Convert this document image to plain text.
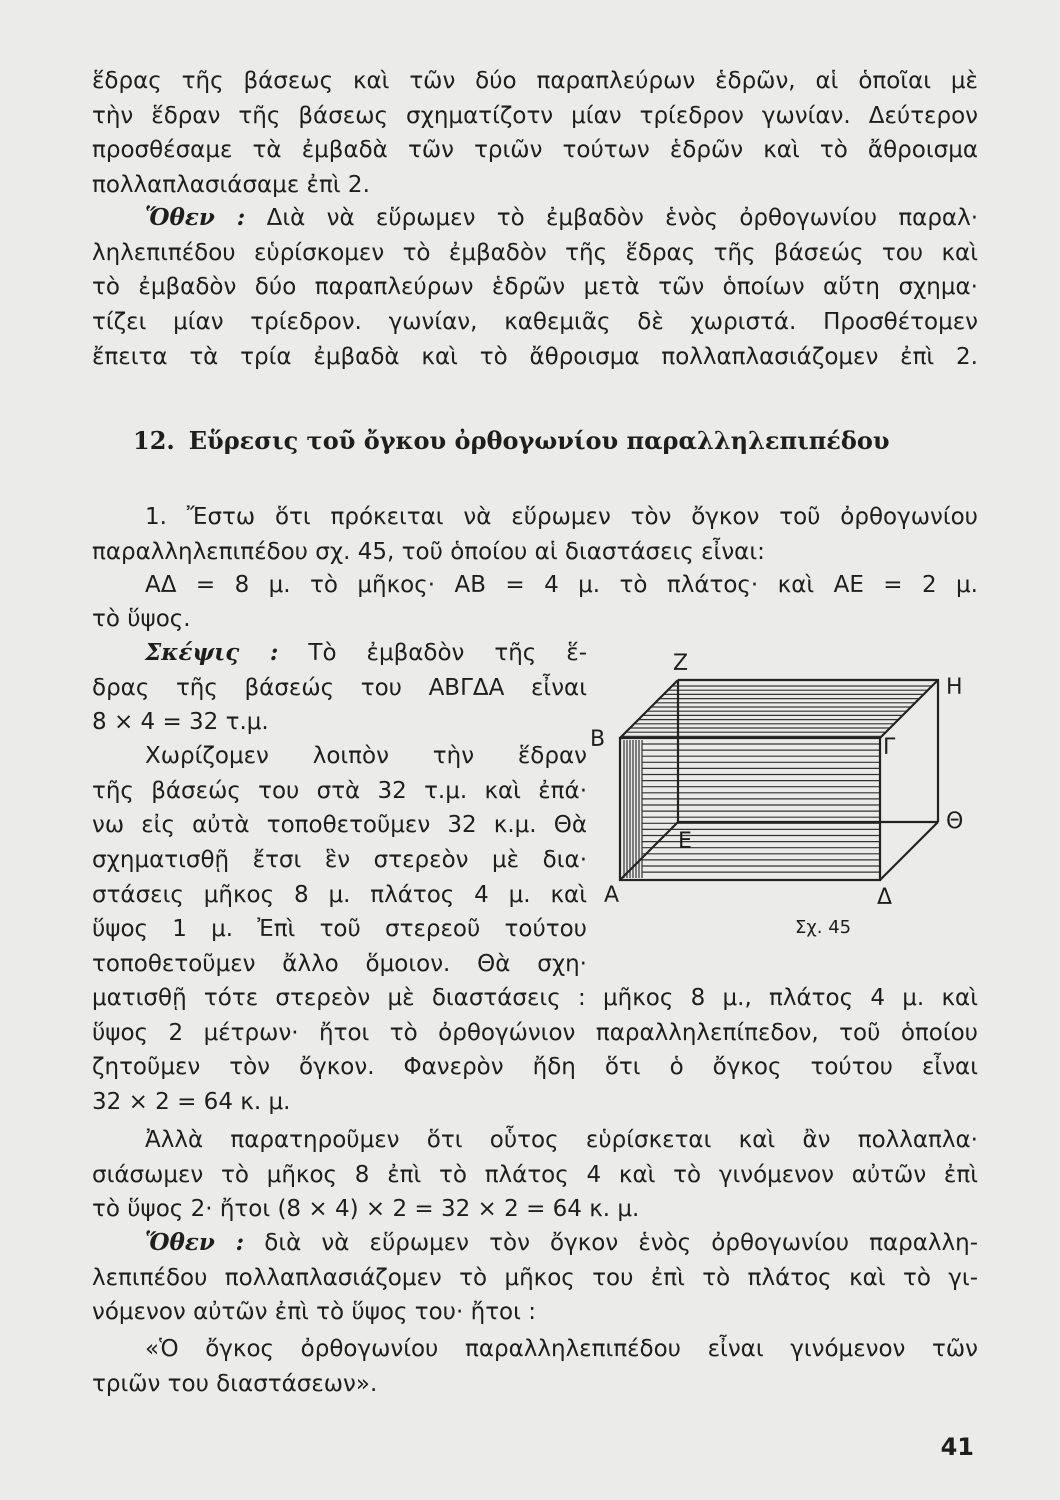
ἕδρας τῆς βάσεως καὶ τῶν δύο παραπλεύρων ἑδρῶν, αἱ ὁποῖαι μὲ
τὴν ἕδραν τῆς βάσεως σχηματίζοτν μίαν τρίεδρον γωνίαν. Δεύτερον
προσθέσαμε τὰ ἐμβαδὰ τῶν τριῶν τούτων ἑδρῶν καὶ τὸ ἄθροισμα
πολλαπλασιάσαμε ἐπὶ 2.
Ὅθεν : Διὰ νὰ εὕρωμεν τὸ ἐμβαδὸν ἑνὸς ὀρθογωνίου παραλ·
ληλεπιπέδου εὑρίσκομεν τὸ ἐμβαδὸν τῆς ἕδρας τῆς βάσεώς του καὶ
τὸ ἐμβαδὸν δύο παραπλεύρων ἑδρῶν μετὰ τῶν ὁποίων αὕτη σχημα·
τίζει μίαν τρίεδρον. γωνίαν, καθεμιᾶς δὲ χωριστά. Προσθέτομεν
ἔπειτα τὰ τρία ἐμβαδὰ καὶ τὸ ἄθροισμα πολλαπλασιάζομεν ἐπὶ 2.
12. Εὕρεσις τοῦ ὄγκου ὀρθογωνίου παραλληλεπιπέδου
1. Ἔστω ὅτι πρόκειται νὰ εὕρωμεν τὸν ὄγκον τοῦ ὀρθογωνίου
παραλληλεπιπέδου σχ. 45, τοῦ ὁποίου αἱ διαστάσεις εἶναι:
ΑΔ = 8 μ. τὸ μῆκος· ΑΒ = 4 μ. τὸ πλάτος· καὶ ΑΕ = 2 μ.
τὸ ὕψος.
Σκέψις : Τὸ ἐμβαδὸν τῆς ἕ-
δρας τῆς βάσεώς του ΑΒΓΔΑ εἶναι
8 ⨯ 4 = 32 τ.μ.
Χωρίζομεν λοιπὸν τὴν ἕδραν
τῆς βάσεώς του στὰ 32 τ.μ. καὶ ἐπά·
νω εἰς αὐτὰ τοποθετοῦμεν 32 κ.μ. Θὰ
σχηματισθῇ ἔτσι ἓν στερεὸν μὲ δια·
στάσεις μῆκος 8 μ. πλάτος 4 μ. καὶ
ὕψος 1 μ. Ἐπὶ τοῦ στερεοῦ τούτου
τοποθετοῦμεν ἄλλο ὅμοιον. Θὰ σχη·
ματισθῇ τότε στερεὸν μὲ διαστάσεις : μῆκος 8 μ., πλάτος 4 μ. καὶ
ὕψος 2 μέτρων· ἤτοι τὸ ὀρθογώνιον παραλληλεπίπεδον, τοῦ ὁποίου
ζητοῦμεν τὸν ὄγκον. Φανερὸν ἤδη ὅτι ὁ ὄγκος τούτου εἶναι
32 ⨯ 2 = 64 κ. μ.
Ἀλλὰ παρατηροῦμεν ὅτι οὗτος εὑρίσκεται καὶ ἂν πολλαπλα·
σιάσωμεν τὸ μῆκος 8 ἐπὶ τὸ πλάτος 4 καὶ τὸ γινόμενον αὐτῶν ἐπὶ
τὸ ὕψος 2· ἤτοι (8 ⨯ 4) ⨯ 2 = 32 ⨯ 2 = 64 κ. μ.
Ὅθεν : διὰ νὰ εὕρωμεν τὸν ὄγκον ἑνὸς ὀρθογωνίου παραλλη-
λεπιπέδου πολλαπλασιάζομεν τὸ μῆκος του ἐπὶ τὸ πλάτος καὶ τὸ γι-
νόμενον αὐτῶν ἐπὶ τὸ ὕψος του· ἤτοι :
«Ὁ ὄγκος ὀρθογωνίου παραλληλεπιπέδου εἶναι γινόμενον τῶν
τριῶν του διαστάσεων».
Ζ
Η
Β	Γ
Θ
Ε
Α	Δ
Σχ. 45
41
